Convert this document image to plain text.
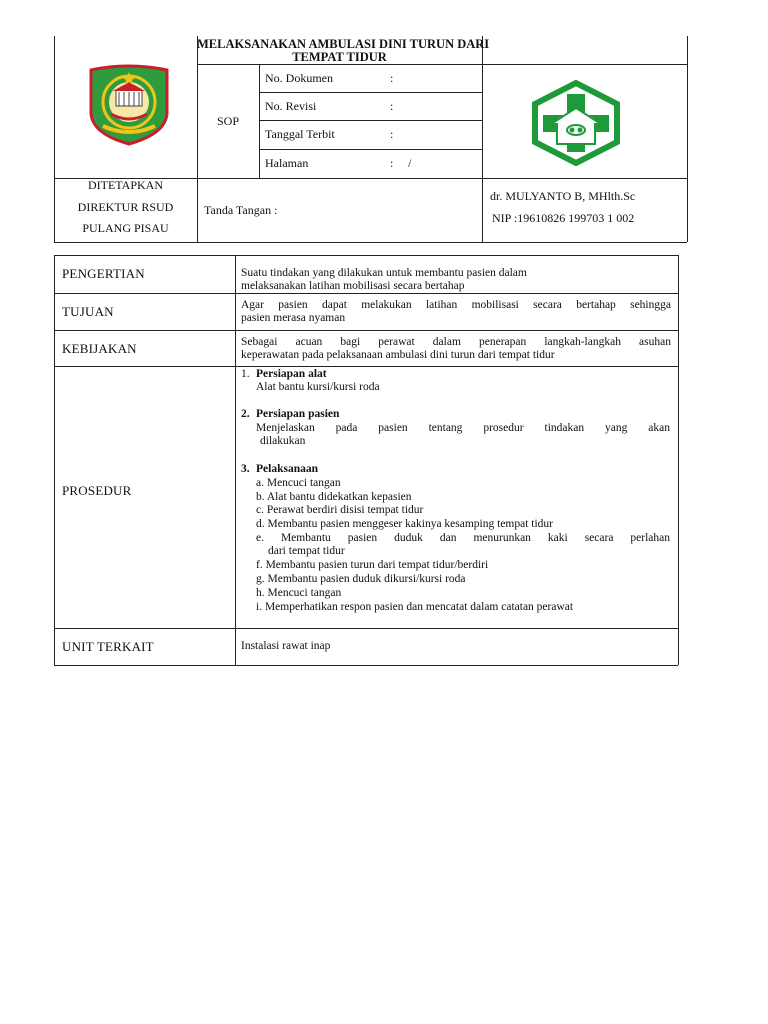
MELAKSANAKAN AMBULASI DINI TURUN DARI
TEMPAT TIDUR
SOP
No. Dokumen	:
No. Revisi	:
Tanggal Terbit	:
Halaman	: /
DITETAPKAN
DIREKTUR RSUD
PULANG PISAU
Tanda Tangan :
dr. MULYANTO B, MHlth.Sc
NIP :19610826 199703 1 002
PENGERTIAN	Suatu tindakan yang dilakukan untuk membantu pasien dalam
melaksanakan latihan mobilisasi secara bertahap
TUJUAN	Agar pasien dapat melakukan latihan mobilisasi secara bertahap sehingga
pasien merasa nyaman
KEBIJAKAN	Sebagai acuan bagi perawat dalam penerapan langkah-langkah asuhan
keperawatan pada pelaksanaan ambulasi dini turun dari tempat tidur
PROSEDUR
1. Persiapan alat
Alat bantu kursi/kursi roda
2. Persiapan pasien
Menjelaskan pada pasien tentang prosedur tindakan yang akan
dilakukan
3. Pelaksanaan
a. Mencuci tangan
b. Alat bantu didekatkan kepasien
c. Perawat berdiri disisi tempat tidur
d. Membantu pasien menggeser kakinya kesamping tempat tidur
e. Membantu pasien duduk dan menurunkan kaki secara perlahan
dari tempat tidur
f. Membantu pasien turun dari tempat tidur/berdiri
g. Membantu pasien duduk dikursi/kursi roda
h. Mencuci tangan
i. Memperhatikan respon pasien dan mencatat dalam catatan perawat
UNIT TERKAIT	Instalasi rawat inap
